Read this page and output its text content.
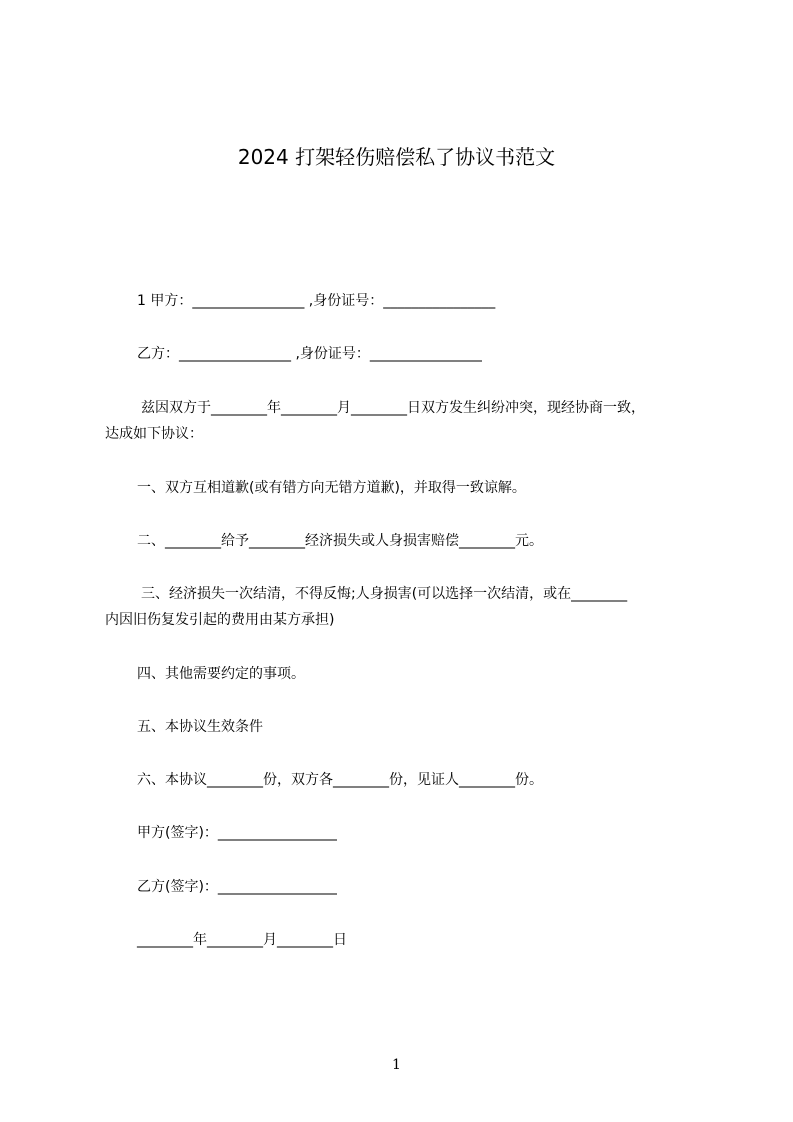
2024 打架轻伤赔偿私了协议书范文
1 甲方：________________ ,身份证号：________________
乙方：________________ ,身份证号：________________
兹因双方于________年________月________日双方发生纠纷冲突，现经协商一致，
达成如下协议：
一、双方互相道歉(或有错方向无错方道歉)，并取得一致谅解。
二、________给予________经济损失或人身损害赔偿________元。
三、经济损失一次结清，不得反悔;人身损害(可以选择一次结清，或在________
内因旧伤复发引起的费用由某方承担)
四、其他需要约定的事项。
五、本协议生效条件
六、本协议________份，双方各________份，见证人________份。
甲方(签字)：_________________
乙方(签字)：_________________
________年________月________日
1
